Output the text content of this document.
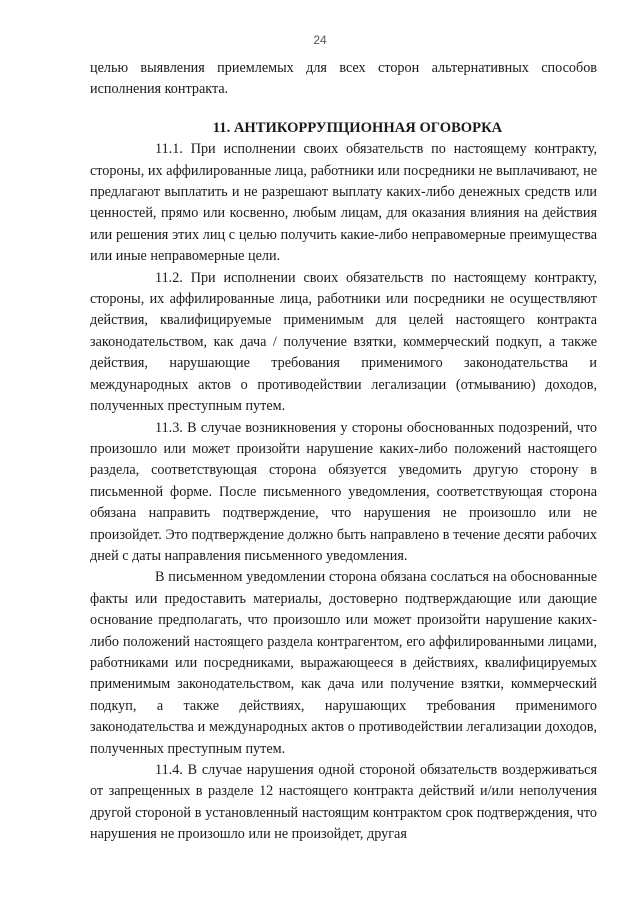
24

целью выявления приемлемых для всех сторон альтернативных способов исполнения контракта.

11. АНТИКОРРУПЦИОННАЯ ОГОВОРКА

11.1. При исполнении своих обязательств по настоящему контракту, стороны, их аффилированные лица, работники или посредники не выплачивают, не предлагают выплатить и не разрешают выплату каких-либо денежных средств или ценностей, прямо или косвенно, любым лицам, для оказания влияния на действия или решения этих лиц с целью получить какие-либо неправомерные преимущества или иные неправомерные цели.

11.2. При исполнении своих обязательств по настоящему контракту, стороны, их аффилированные лица, работники или посредники не осуществляют действия, квалифицируемые применимым для целей настоящего контракта законодательством, как дача / получение взятки, коммерческий подкуп, а также действия, нарушающие требования применимого законодательства и международных актов о противодействии легализации (отмыванию) доходов, полученных преступным путем.

11.3. В случае возникновения у стороны обоснованных подозрений, что произошло или может произойти нарушение каких-либо положений настоящего раздела, соответствующая сторона обязуется уведомить другую сторону в письменной форме. После письменного уведомления, соответствующая сторона обязана направить подтверждение, что нарушения не произошло или не произойдет. Это подтверждение должно быть направлено в течение десяти рабочих дней с даты направления письменного уведомления.

В письменном уведомлении сторона обязана сослаться на обоснованные факты или предоставить материалы, достоверно подтверждающие или дающие основание предполагать, что произошло или может произойти нарушение каких-либо положений настоящего раздела контрагентом, его аффилированными лицами, работниками или посредниками, выражающееся в действиях, квалифицируемых применимым законодательством, как дача или получение взятки, коммерческий подкуп, а также действиях, нарушающих требования применимого законодательства и международных актов о противодействии легализации доходов, полученных преступным путем.

11.4. В случае нарушения одной стороной обязательств воздерживаться от запрещенных в разделе 12 настоящего контракта действий и/или неполучения другой стороной в установленный настоящим контрактом срок подтверждения, что нарушения не произошло или не произойдет, другая
